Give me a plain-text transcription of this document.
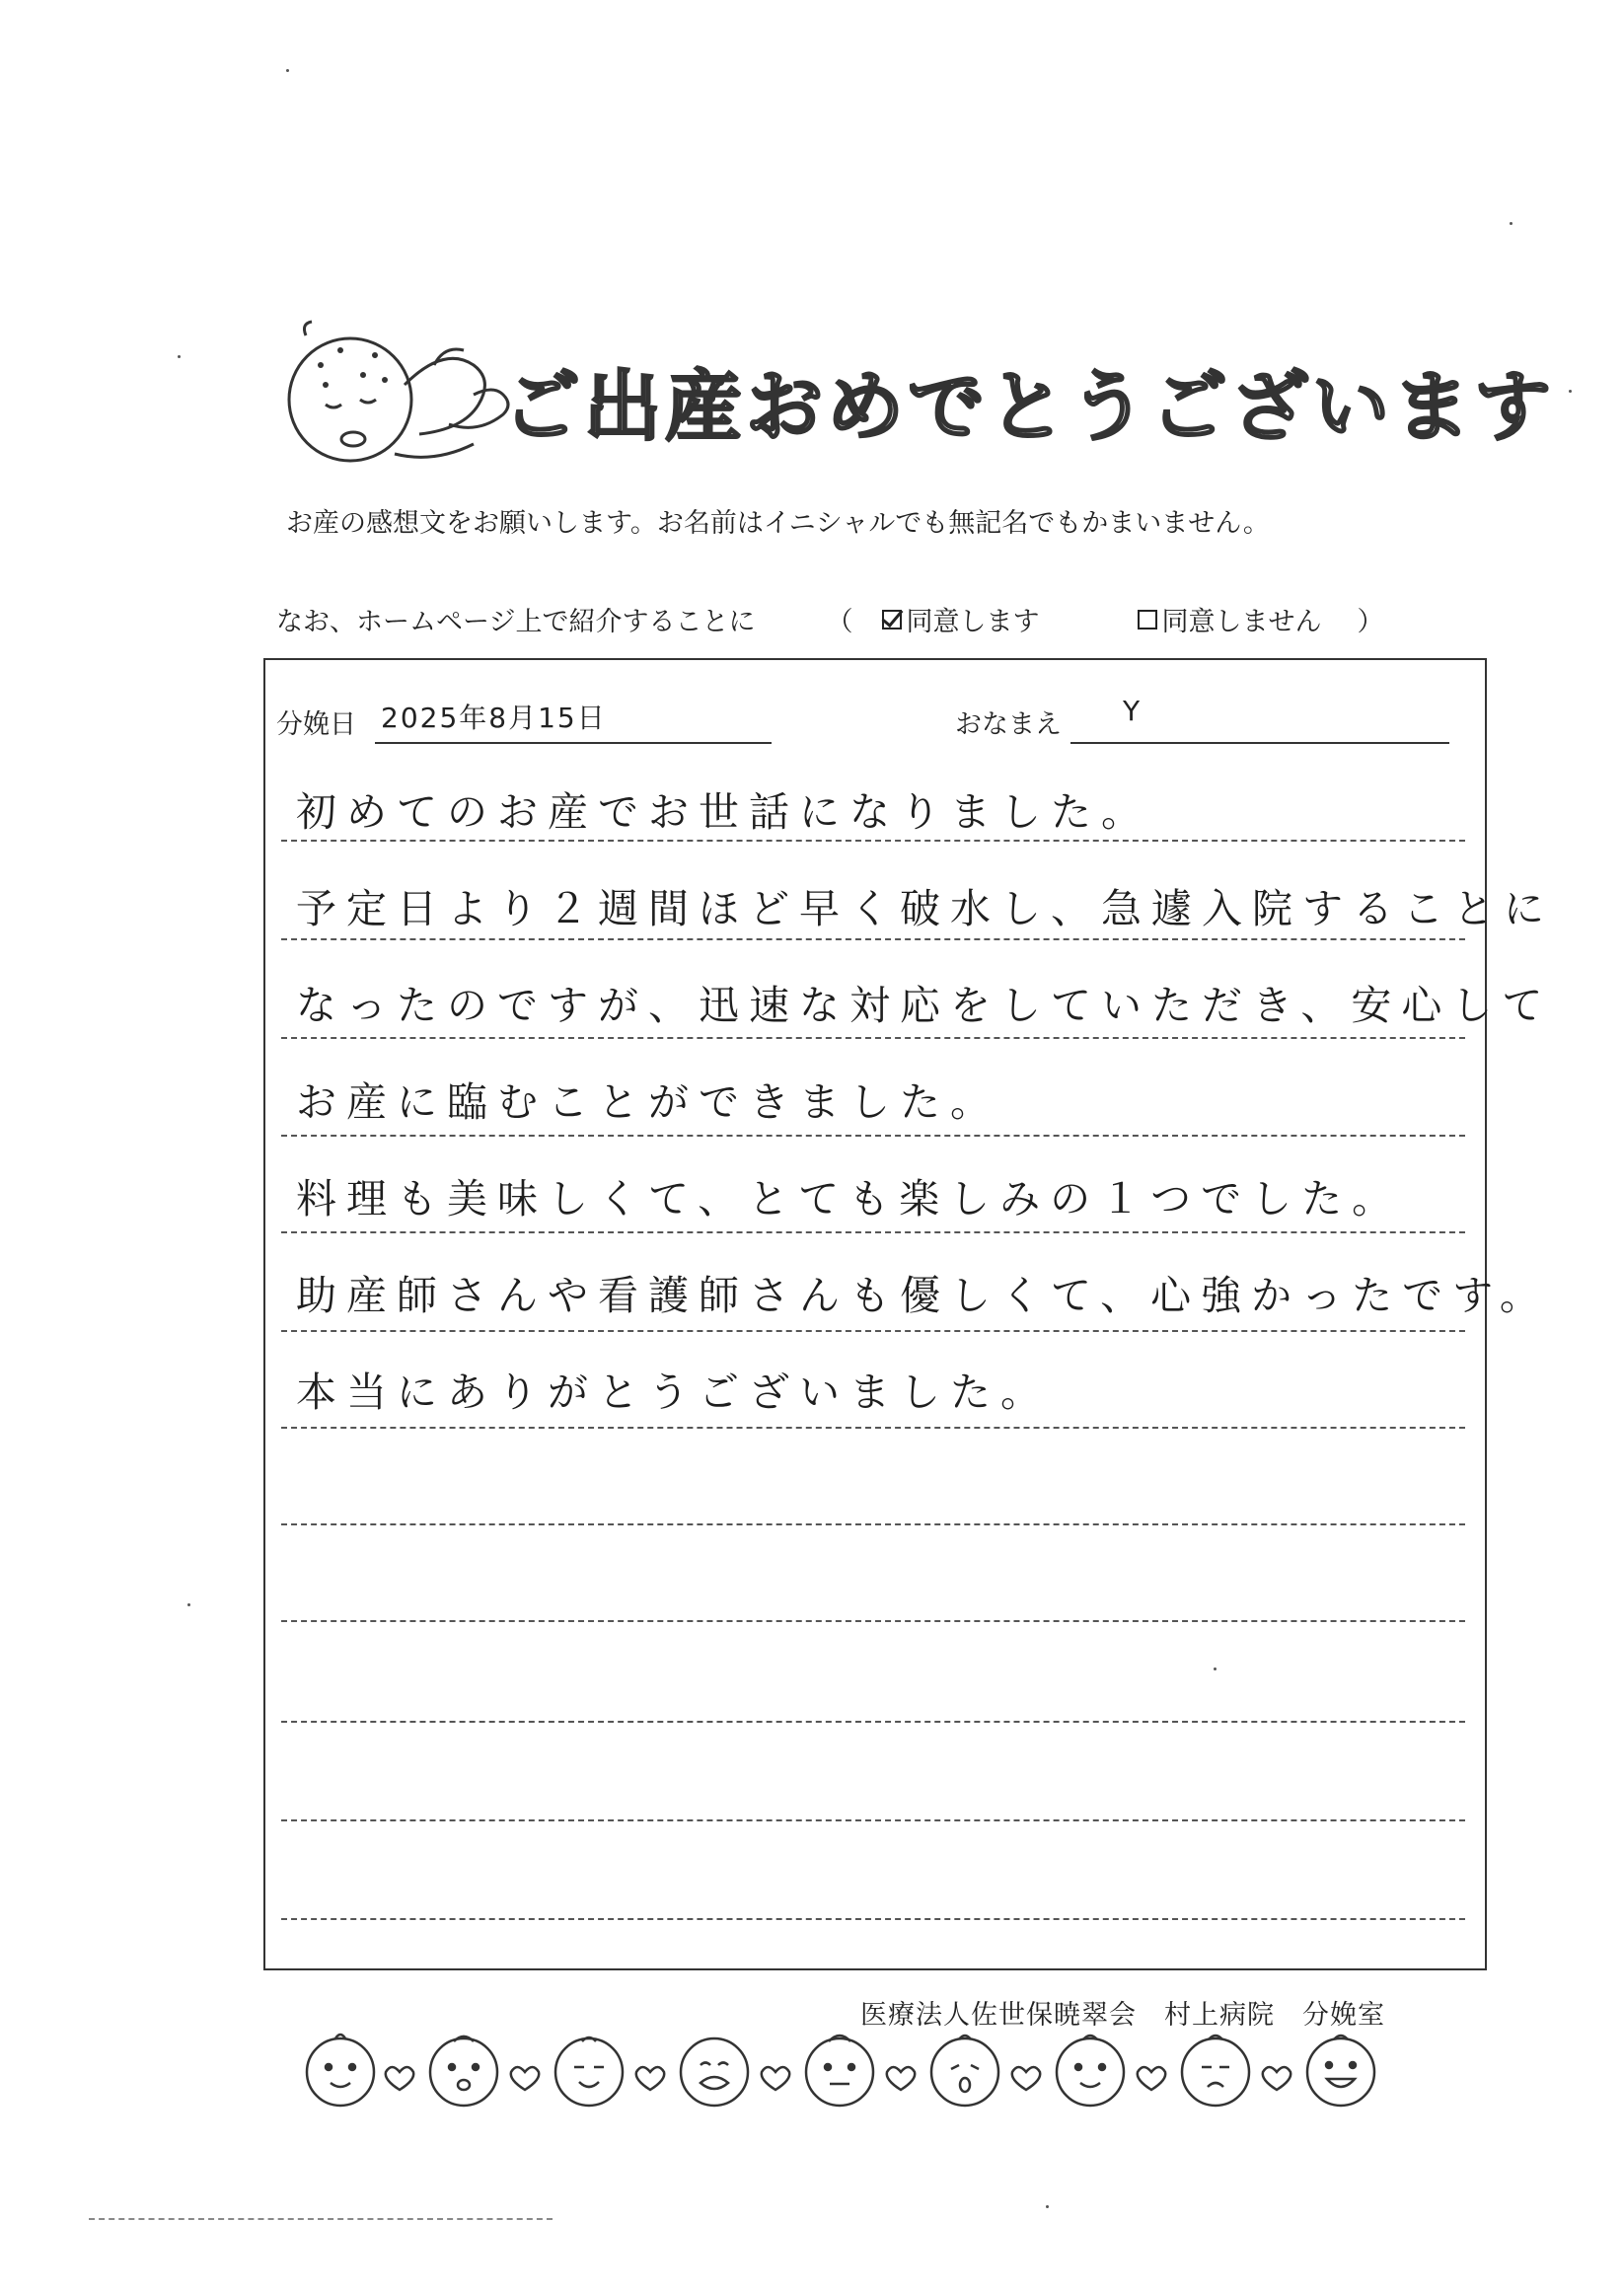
ご出産おめでとうございます
お産の感想文をお願いします。お名前はイニシャルでも無記名でもかまいません。
なお、ホームページ上で紹介することに	（ 同意します	同意しません ）
分娩日 2025年8月15日	おなまえ Y
初めてのお産でお世話になりました。
予定日より２週間ほど早く破水し、急遽入院することに
なったのですが、迅速な対応をしていただき、安心して
お産に臨むことができました。
料理も美味しくて、とても楽しみの１つでした。
助産師さんや看護師さんも優しくて、心強かったです。
本当にありがとうございました。
医療法人佐世保暁翠会　村上病院　分娩室
